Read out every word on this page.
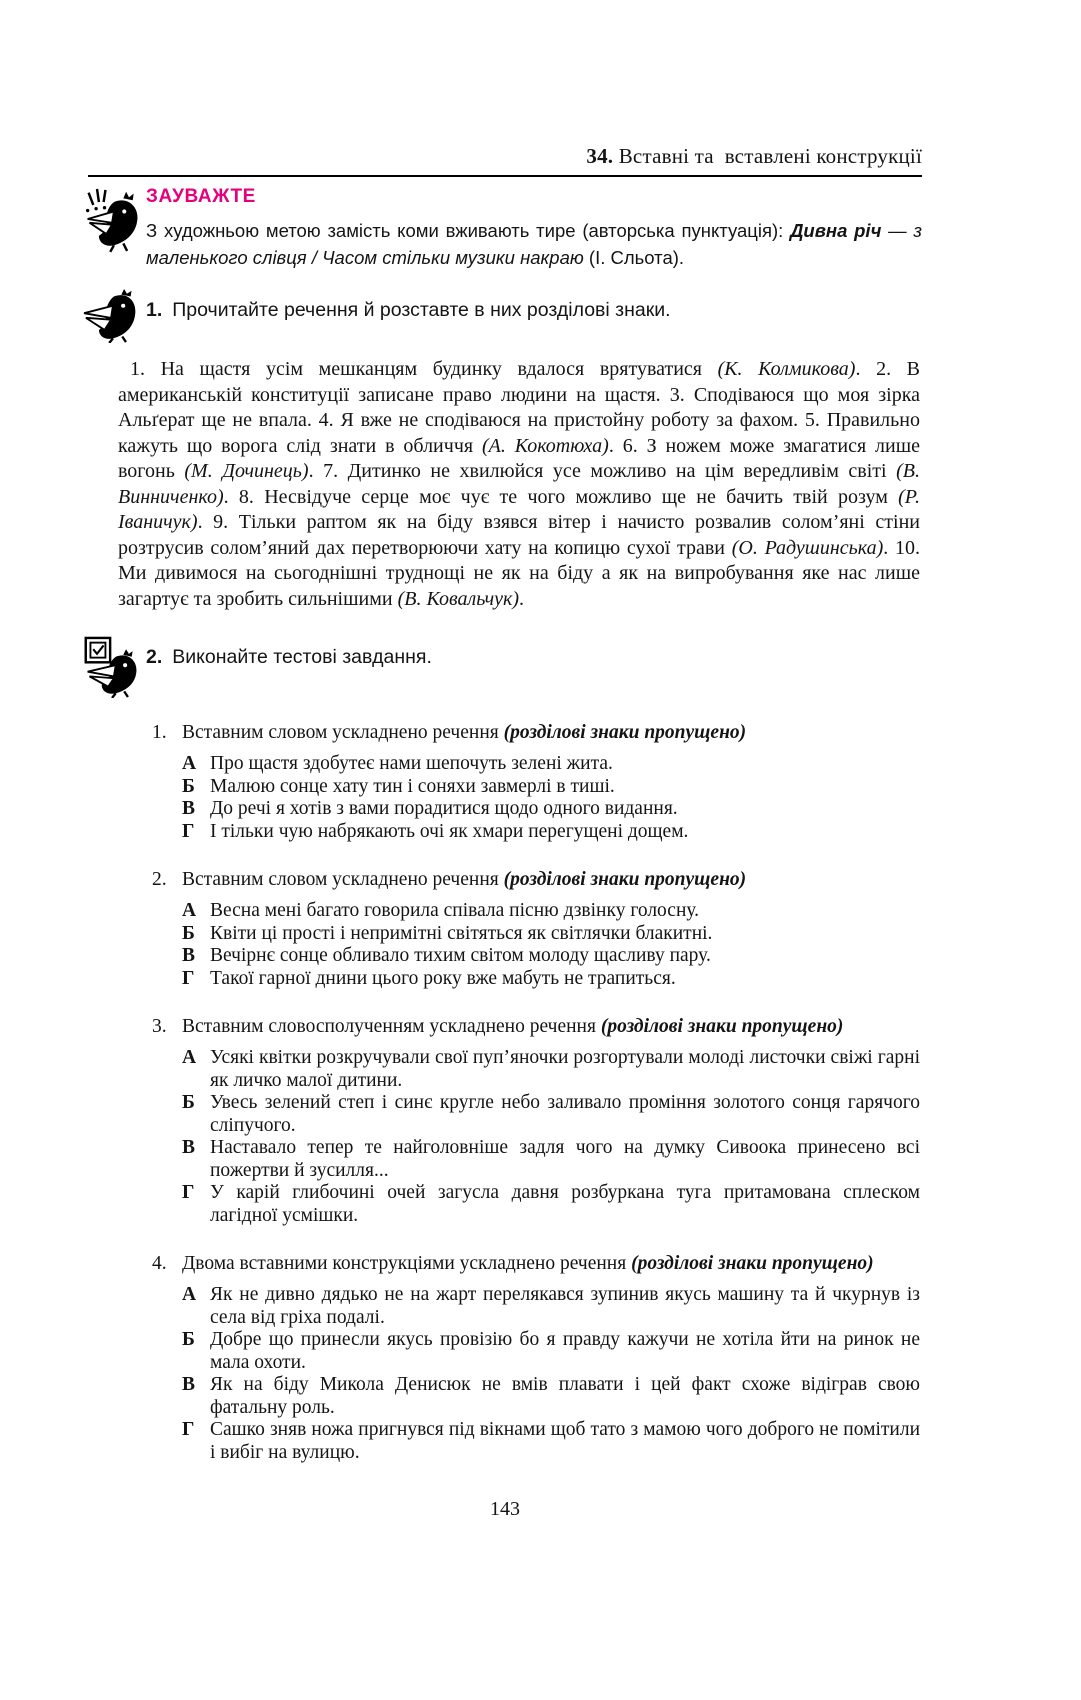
34. Вставні та  вставлені конструкції
ЗАУВАЖТЕ
З художньою метою замість коми вживають тире (авторська пунктуація): Дивна річ — з маленького слівця / Часом стільки музики накраю (І. Сльота).
1. Прочитайте речення й розставте в них розділові знаки.
1. На щастя усім мешканцям будинку вдалося врятуватися (К. Колмикова). 2. В американській конституції записане право людини на щастя. 3. Сподіваюся що моя зірка Альґерат ще не впала. 4. Я вже не сподіваюся на пристойну роботу за фахом. 5. Правильно кажуть що ворога слід знати в обличчя (А. Кокотюха). 6. З ножем може змагатися лише вогонь (М. Дочинець). 7. Дитинко не хвилюйся усе можливо на цім вередливім світі (В. Винниченко). 8. Несвідуче серце моє чує те чого можливо ще не бачить твій розум (Р. Іваничук). 9. Тільки раптом як на біду взявся вітер і начисто розвалив солом’яні стіни розтрусив солом’яний дах перетворюючи хату на копицю сухої трави (О. Радушинська). 10. Ми дивимося на сьогоднішні труднощі не як на біду а як на випробування яке нас лише загартує та зробить сильнішими (В. Ковальчук).
2. Виконайте тестові завдання.
1. Вставним словом ускладнено речення (розділові знаки пропущено)
А Про щастя здобутеє нами шепочуть зелені жита.
Б Малюю сонце хату тин і соняхи завмерлі в тиші.
В До речі я хотів з вами порадитися щодо одного видання.
Г І тільки чую набрякають очі як хмари перегущені дощем.
2. Вставним словом ускладнено речення (розділові знаки пропущено)
А Весна мені багато говорила співала пісню дзвінку голосну.
Б Квіти ці прості і непримітні світяться як світлячки блакитні.
В Вечірнє сонце обливало тихим світом молоду щасливу пару.
Г Такої гарної днини цього року вже мабуть не трапиться.
3. Вставним словосполученням ускладнено речення (розділові знаки пропущено)
А Усякі квітки розкручували свої пуп’яночки розгортували молоді листочки свіжі гарні як личко малої дитини.
Б Увесь зелений степ і синє кругле небо заливало проміння золотого сонця гарячого сліпучого.
В Наставало тепер те найголовніше задля чого на думку Сивоока принесено всі пожертви й зусилля...
Г У карій глибочині очей загусла давня розбуркана туга притамована сплеском лагідної усмішки.
4. Двома вставними конструкціями ускладнено речення (розділові знаки пропущено)
А Як не дивно дядько не на жарт перелякався зупинив якусь машину та й чкурнув із села від гріха подалі.
Б Добре що принесли якусь провізію бо я правду кажучи не хотіла йти на ринок не мала охоти.
В Як на біду Микола Денисюк не вмів плавати і цей факт схоже відіграв свою фатальну роль.
Г Сашко зняв ножа пригнувся під вікнами щоб тато з мамою чого доброго не помітили і вибіг на вулицю.
143
